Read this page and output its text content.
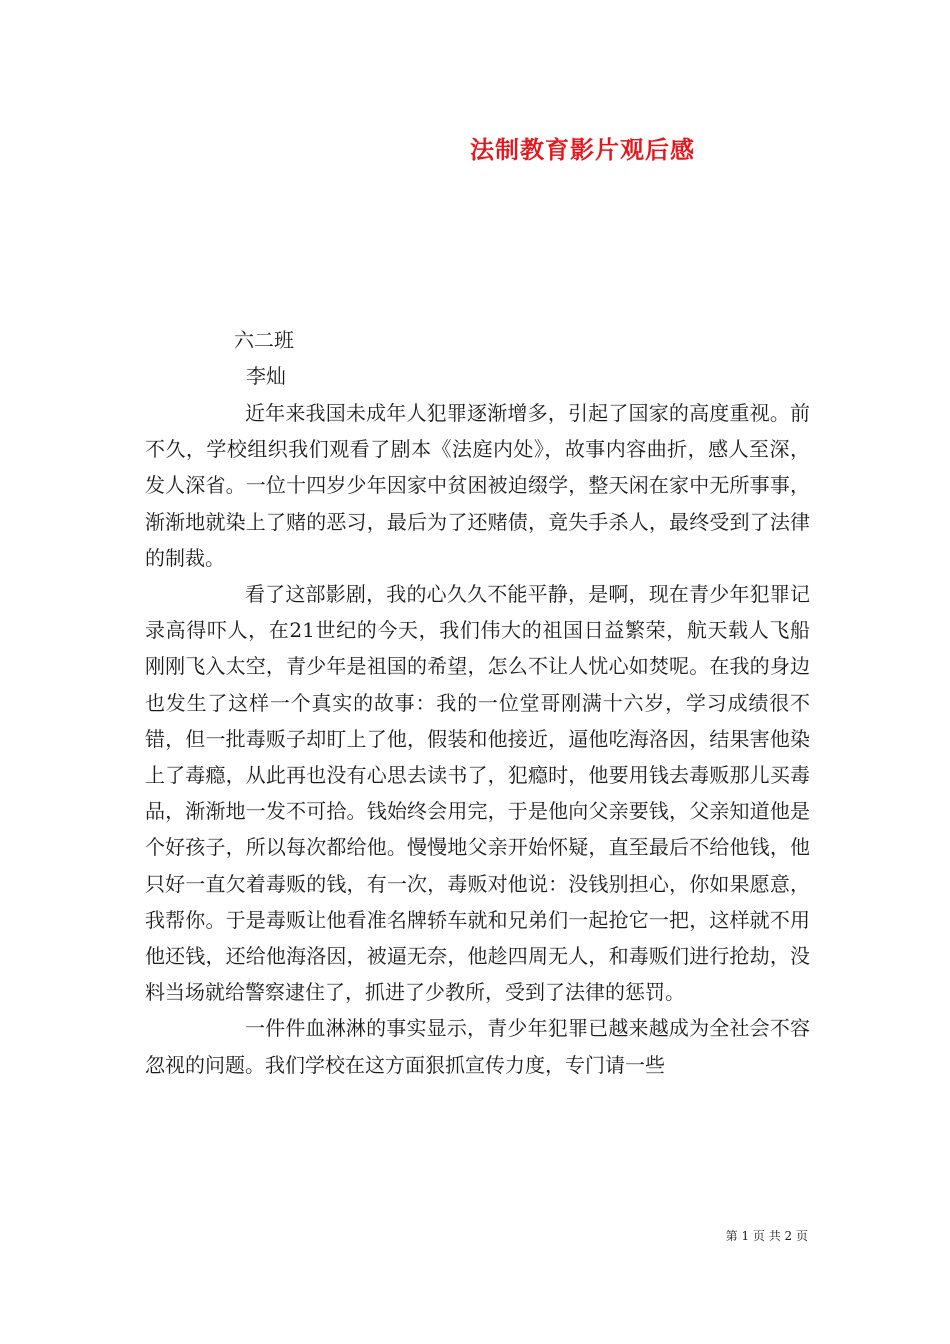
法制教育影片观后感
六二班
李灿

近年来我国未成年人犯罪逐渐增多，引起了国家的高度重视。前不久，学校组织我们观看了剧本《法庭内处》，故事内容曲折，感人至深，发人深省。一位十四岁少年因家中贫困被迫缀学，整天闲在家中无所事事，渐渐地就染上了赌的恶习，最后为了还赌债，竟失手杀人，最终受到了法律的制裁。

看了这部影剧，我的心久久不能平静，是啊，现在青少年犯罪记录高得吓人，在21世纪的今天，我们伟大的祖国日益繁荣，航天载人飞船刚刚飞入太空，青少年是祖国的希望，怎么不让人忧心如焚呢。在我的身边也发生了这样一个真实的故事：我的一位堂哥刚满十六岁，学习成绩很不错，但一批毒贩子却盯上了他，假装和他接近，逼他吃海洛因，结果害他染上了毒瘾，从此再也没有心思去读书了，犯瘾时，他要用钱去毒贩那儿买毒品，渐渐地一发不可拾。钱始终会用完，于是他向父亲要钱，父亲知道他是个好孩子，所以每次都给他。慢慢地父亲开始怀疑，直至最后不给他钱，他只好一直欠着毒贩的钱，有一次，毒贩对他说：没钱别担心，你如果愿意，我帮你。于是毒贩让他看准名牌轿车就和兄弟们一起抢它一把，这样就不用他还钱，还给他海洛因，被逼无奈，他趁四周无人，和毒贩们进行抢劫，没料当场就给警察逮住了，抓进了少教所，受到了法律的惩罚。

一件件血淋淋的事实显示，青少年犯罪已越来越成为全社会不容忽视的问题。我们学校在这方面狠抓宣传力度，专门请一些

第 1 页 共 2 页
